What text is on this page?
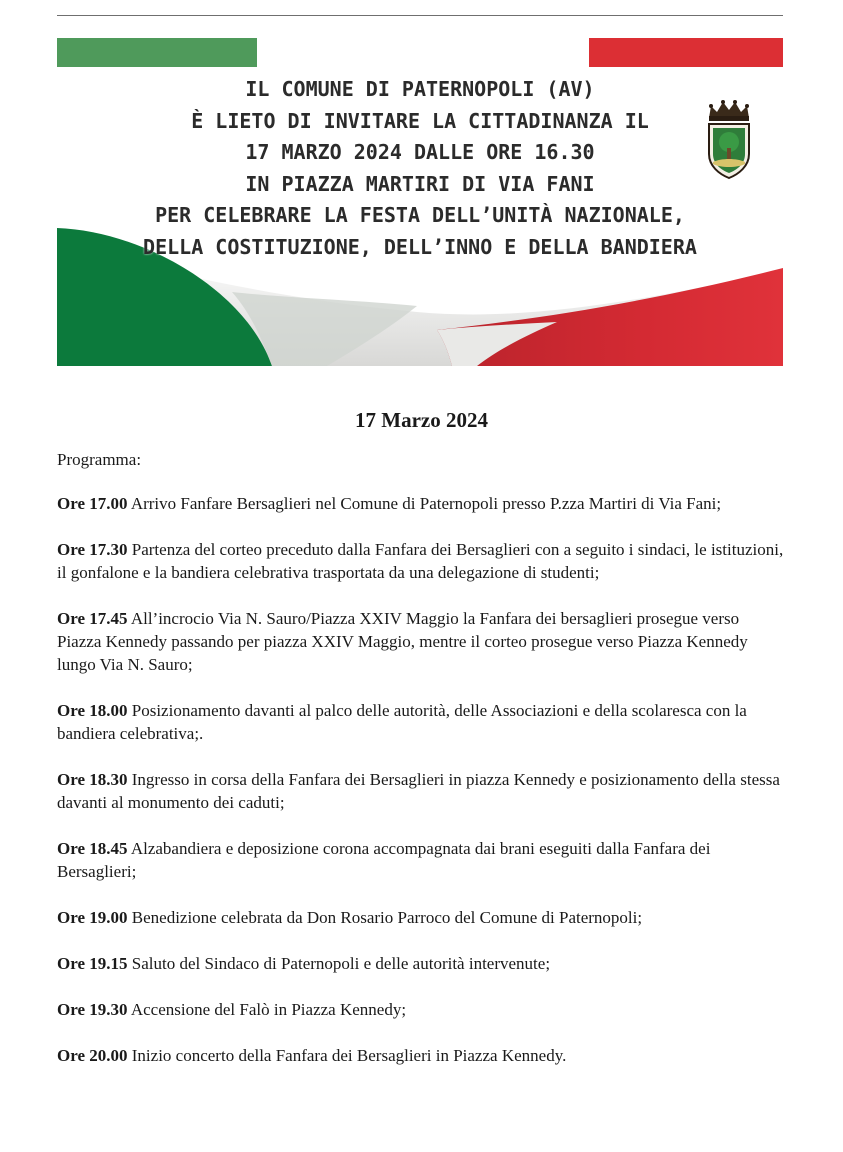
IL COMUNE DI PATERNOPOLI (AV)
È LIETO DI INVITARE LA CITTADINANZA IL
17 MARZO 2024 DALLE ORE 16.30
IN PIAZZA MARTIRI DI VIA FANI
PER CELEBRARE LA FESTA DELL’UNITÀ NAZIONALE,
DELLA COSTITUZIONE, DELL’INNO E DELLA BANDIERA
17 Marzo 2024

Programma:

Ore 17.00 Arrivo Fanfare Bersaglieri nel Comune di Paternopoli presso P.zza Martiri di Via Fani;

Ore 17.30 Partenza del corteo preceduto dalla Fanfara dei Bersaglieri con a seguito i sindaci, le istituzioni, il gonfalone e la bandiera celebrativa trasportata da una delegazione di studenti;

Ore 17.45 All’incrocio Via N. Sauro/Piazza XXIV Maggio la Fanfara dei bersaglieri prosegue verso Piazza Kennedy passando per piazza XXIV Maggio, mentre il corteo prosegue verso Piazza Kennedy lungo Via N. Sauro;

Ore 18.00 Posizionamento davanti al palco delle autorità, delle Associazioni e della scolaresca con la bandiera celebrativa;.

Ore 18.30 Ingresso in corsa della Fanfara dei Bersaglieri in piazza Kennedy e posizionamento della stessa davanti al monumento dei caduti;

Ore 18.45 Alzabandiera e deposizione corona accompagnata dai brani eseguiti dalla Fanfara dei Bersaglieri;

Ore 19.00 Benedizione celebrata da Don Rosario Parroco del Comune di Paternopoli;

Ore 19.15 Saluto del Sindaco di Paternopoli e delle autorità intervenute;

Ore 19.30 Accensione del Falò in Piazza Kennedy;

Ore 20.00 Inizio concerto della Fanfara dei Bersaglieri in Piazza Kennedy.
